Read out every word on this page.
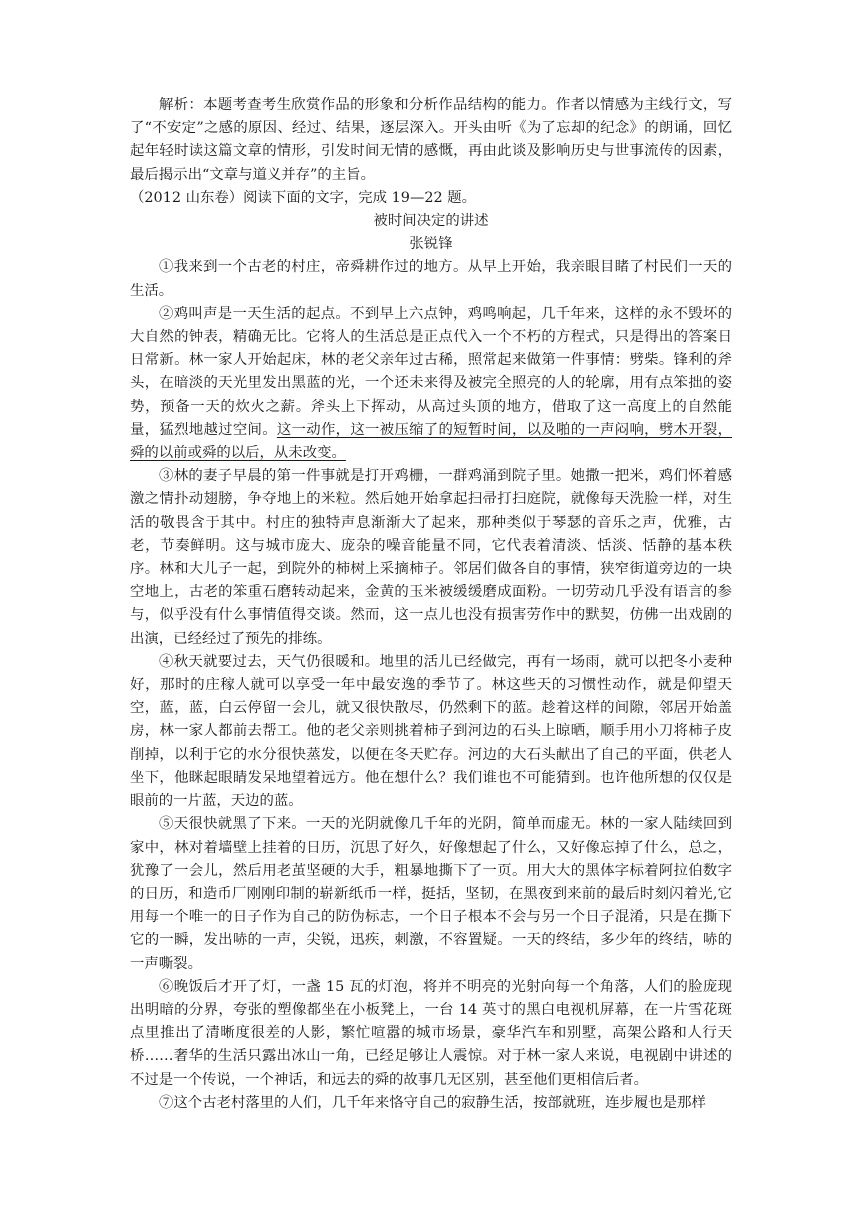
解析：本题考查考生欣赏作品的形象和分析作品结构的能力。作者以情感为主线行文，写了“不安定”之感的原因、经过、结果，逐层深入。开头由听《为了忘却的纪念》的朗诵，回忆起年轻时读这篇文章的情形，引发时间无情的感慨，再由此谈及影响历史与世事流传的因素，最后揭示出“文章与道义并存”的主旨。

（2012 山东卷）阅读下面的文字，完成 19—22 题。

被时间决定的讲述

张锐锋

①我来到一个古老的村庄，帝舜耕作过的地方。从早上开始，我亲眼目睹了村民们一天的生活。

②鸡叫声是一天生活的起点。不到早上六点钟，鸡鸣响起，几千年来，这样的永不毁坏的大自然的钟表，精确无比。它将人的生活总是正点代入一个不朽的方程式，只是得出的答案日日常新。林一家人开始起床，林的老父亲年过古稀，照常起来做第一件事情：劈柴。锋利的斧头，在暗淡的天光里发出黑蓝的光，一个还未来得及被完全照亮的人的轮廓，用有点笨拙的姿势，预备一天的炊火之薪。斧头上下挥动，从高过头顶的地方，借取了这一高度上的自然能量，猛烈地越过空间。这一动作，这一被压缩了的短暂时间，以及啪的一声闷响，劈木开裂，舜的以前或舜的以后，从未改变。

③林的妻子早晨的第一件事就是打开鸡栅，一群鸡涌到院子里。她撒一把米，鸡们怀着感激之情扑动翅膀，争夺地上的米粒。然后她开始拿起扫帚打扫庭院，就像每天洗脸一样，对生活的敬畏含于其中。村庄的独特声息渐渐大了起来，那种类似于琴瑟的音乐之声，优雅，古老，节奏鲜明。这与城市庞大、庞杂的噪音能量不同，它代表着清淡、恬淡、恬静的基本秩序。林和大儿子一起，到院外的柿树上采摘柿子。邻居们做各自的事情，狭窄街道旁边的一块空地上，古老的笨重石磨转动起来，金黄的玉米被缓缓磨成面粉。一切劳动几乎没有语言的参与，似乎没有什么事情值得交谈。然而，这一点儿也没有损害劳作中的默契，仿佛一出戏剧的出演，已经经过了预先的排练。

④秋天就要过去，天气仍很暖和。地里的活儿已经做完，再有一场雨，就可以把冬小麦种好，那时的庄稼人就可以享受一年中最安逸的季节了。林这些天的习惯性动作，就是仰望天空，蓝，蓝，白云停留一会儿，就又很快散尽，仍然剩下的蓝。趁着这样的间隙，邻居开始盖房，林一家人都前去帮工。他的老父亲则挑着柿子到河边的石头上晾晒，顺手用小刀将柿子皮削掉，以利于它的水分很快蒸发，以便在冬天贮存。河边的大石头献出了自己的平面，供老人坐下，他眯起眼睛发呆地望着远方。他在想什么？我们谁也不可能猜到。也许他所想的仅仅是眼前的一片蓝，天边的蓝。

⑤天很快就黑了下来。一天的光阴就像几千年的光阴，简单而虚无。林的一家人陆续回到家中，林对着墙壁上挂着的日历，沉思了好久，好像想起了什么，又好像忘掉了什么，总之，犹豫了一会儿，然后用老茧坚硬的大手，粗暴地撕下了一页。用大大的黑体字标着阿拉伯数字的日历，和造币厂刚刚印制的崭新纸币一样，挺括，坚韧，在黑夜到来前的最后时刻闪着光,它用每一个唯一的日子作为自己的防伪标志，一个日子根本不会与另一个日子混淆，只是在撕下它的一瞬，发出哧的一声，尖锐，迅疾，刺激，不容置疑。一天的终结，多少年的终结，哧的一声嘶裂。

⑥晚饭后才开了灯，一盏 15 瓦的灯泡，将并不明亮的光射向每一个角落，人们的脸庞现出明暗的分界，夸张的塑像都坐在小板凳上，一台 14 英寸的黑白电视机屏幕，在一片雪花斑点里推出了清晰度很差的人影，繁忙喧嚣的城市场景，豪华汽车和别墅，高架公路和人行天桥……奢华的生活只露出冰山一角，已经足够让人震惊。对于林一家人来说，电视剧中讲述的不过是一个传说，一个神话，和远去的舜的故事几无区别，甚至他们更相信后者。

⑦这个古老村落里的人们，几千年来恪守自己的寂静生活，按部就班，连步履也是那样
